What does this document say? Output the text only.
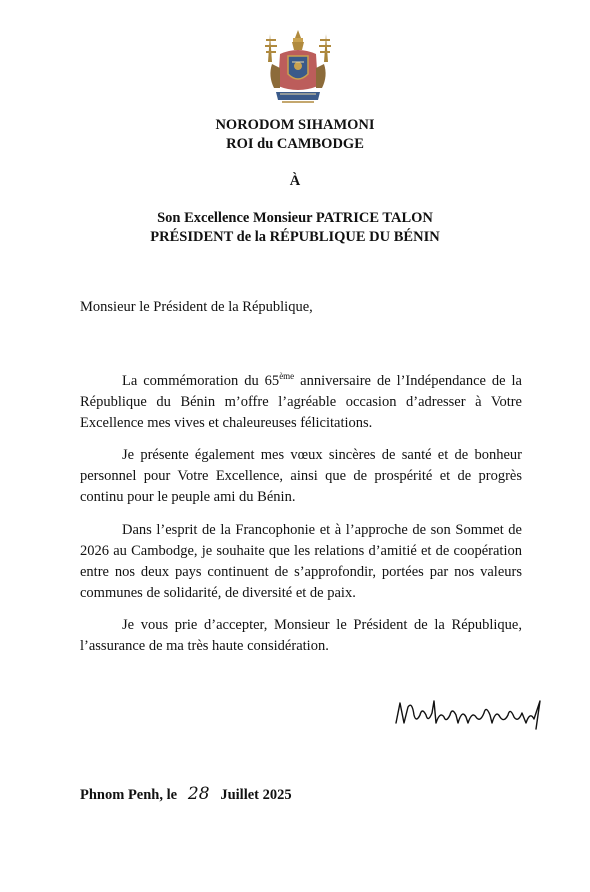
NORODOM SIHAMONI
ROI du CAMBODGE
À
Son Excellence Monsieur PATRICE TALON
PRÉSIDENT de la RÉPUBLIQUE DU BÉNIN
Monsieur le Président de la République,
La commémoration du 65ème anniversaire de l’Indépendance de la République du Bénin m’offre l’agréable occasion d’adresser à Votre Excellence mes vives et chaleureuses félicitations.
Je présente également mes vœux sincères de santé et de bonheur personnel pour Votre Excellence, ainsi que de prospérité et de progrès continu pour le peuple ami du Bénin.
Dans l’esprit de la Francophonie et à l’approche de son Sommet de 2026 au Cambodge, je souhaite que les relations d’amitié et de coopération entre nos deux pays continuent de s’approfondir, portées par nos valeurs communes de solidarité, de diversité et de paix.
Je vous prie d’accepter, Monsieur le Président de la République, l’assurance de ma très haute considération.
Phnom Penh, le 28 Juillet 2025
